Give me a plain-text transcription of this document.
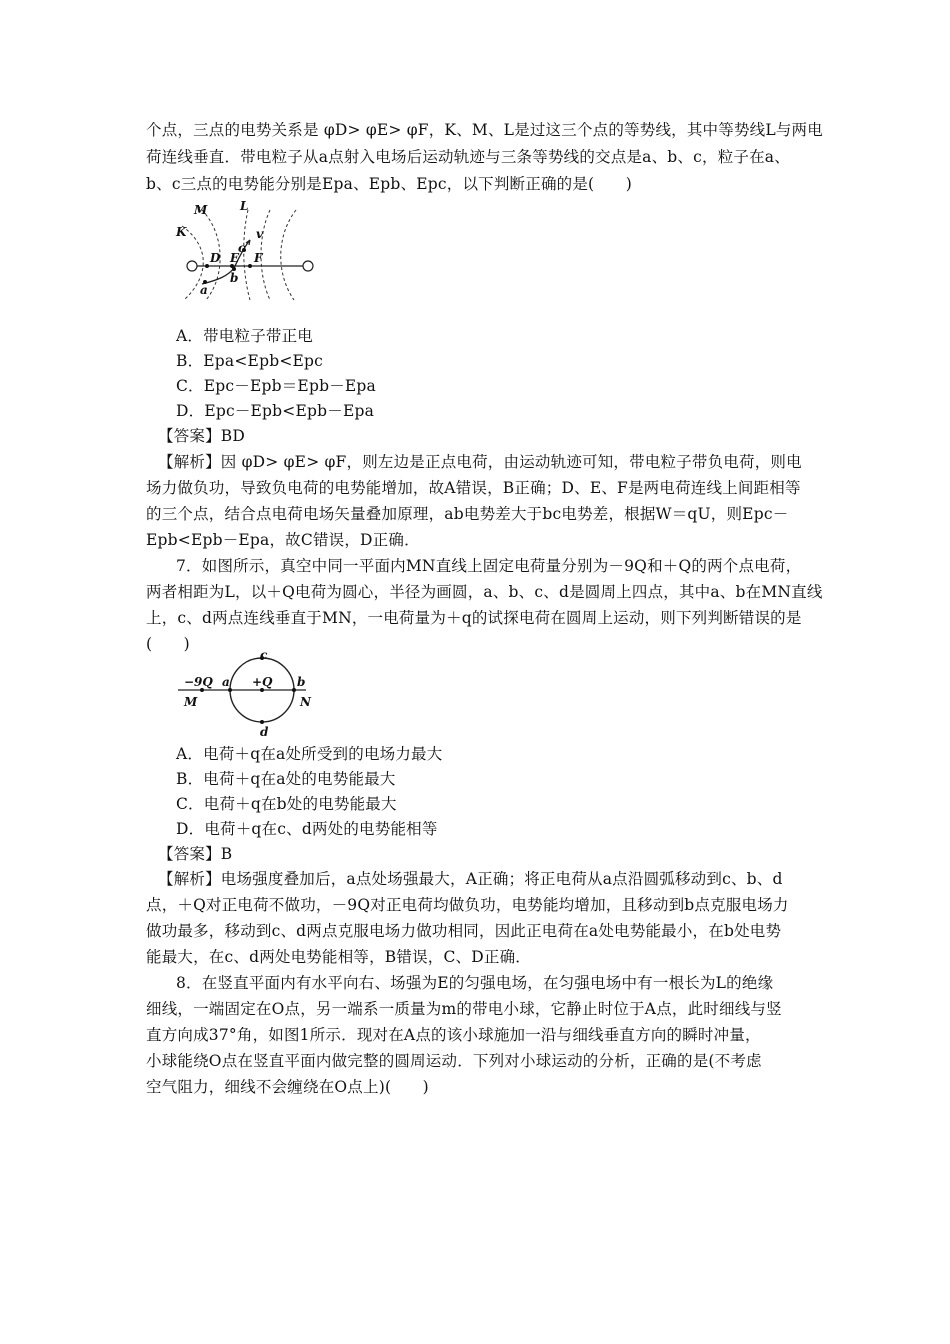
个点，三点的电势关系是 φD> φE> φF，K、M、L是过这三个点的等势线，其中等势线L与两电
荷连线垂直．带电粒子从a点射入电场后运动轨迹与三条等势线的交点是a、b、c，粒子在a、
b、c三点的电势能分别是Epa、Epb、Epc，以下判断正确的是(　　)
M	L
K
D E F
a
b
c
v
A．带电粒子带正电
B．Epa<Epb<Epc
C．Epc－Epb＝Epb－Epa
D．Epc－Epb<Epb－Epa
【答案】BD
【解析】因 φD> φE> φF，则左边是正点电荷，由运动轨迹可知，带电粒子带负电荷，则电
场力做负功，导致负电荷的电势能增加，故A错误，B正确；D、E、F是两电荷连线上间距相等
的三个点，结合点电荷电场矢量叠加原理，ab电势差大于bc电势差，根据W＝qU，则Epc－
Epb<Epb－Epa，故C错误，D正确．
7．如图所示，真空中同一平面内MN直线上固定电荷量分别为－9Q和＋Q的两个点电荷，
两者相距为L，以＋Q电荷为圆心，半径为画圆，a、b、c、d是圆周上四点，其中a、b在MN直线
上，c、d两点连线垂直于MN，一电荷量为＋q的试探电荷在圆周上运动，则下列判断错误的是
(　　)
−9Q	+Q
a	b
c
d
M	N
A．电荷＋q在a处所受到的电场力最大
B．电荷＋q在a处的电势能最大
C．电荷＋q在b处的电势能最大
D．电荷＋q在c、d两处的电势能相等
【答案】B
【解析】电场强度叠加后，a点处场强最大，A正确；将正电荷从a点沿圆弧移动到c、b、d
点，＋Q对正电荷不做功，－9Q对正电荷均做负功，电势能均增加，且移动到b点克服电场力
做功最多，移动到c、d两点克服电场力做功相同，因此正电荷在a处电势能最小，在b处电势
能最大，在c、d两处电势能相等，B错误，C、D正确．
8．在竖直平面内有水平向右、场强为E的匀强电场，在匀强电场中有一根长为L的绝缘
细线，一端固定在O点，另一端系一质量为m的带电小球，它静止时位于A点，此时细线与竖
直方向成37°角，如图1所示．现对在A点的该小球施加一沿与细线垂直方向的瞬时冲量，
小球能绕O点在竖直平面内做完整的圆周运动．下列对小球运动的分析，正确的是(不考虑
空气阻力，细线不会缠绕在O点上)(　　)
